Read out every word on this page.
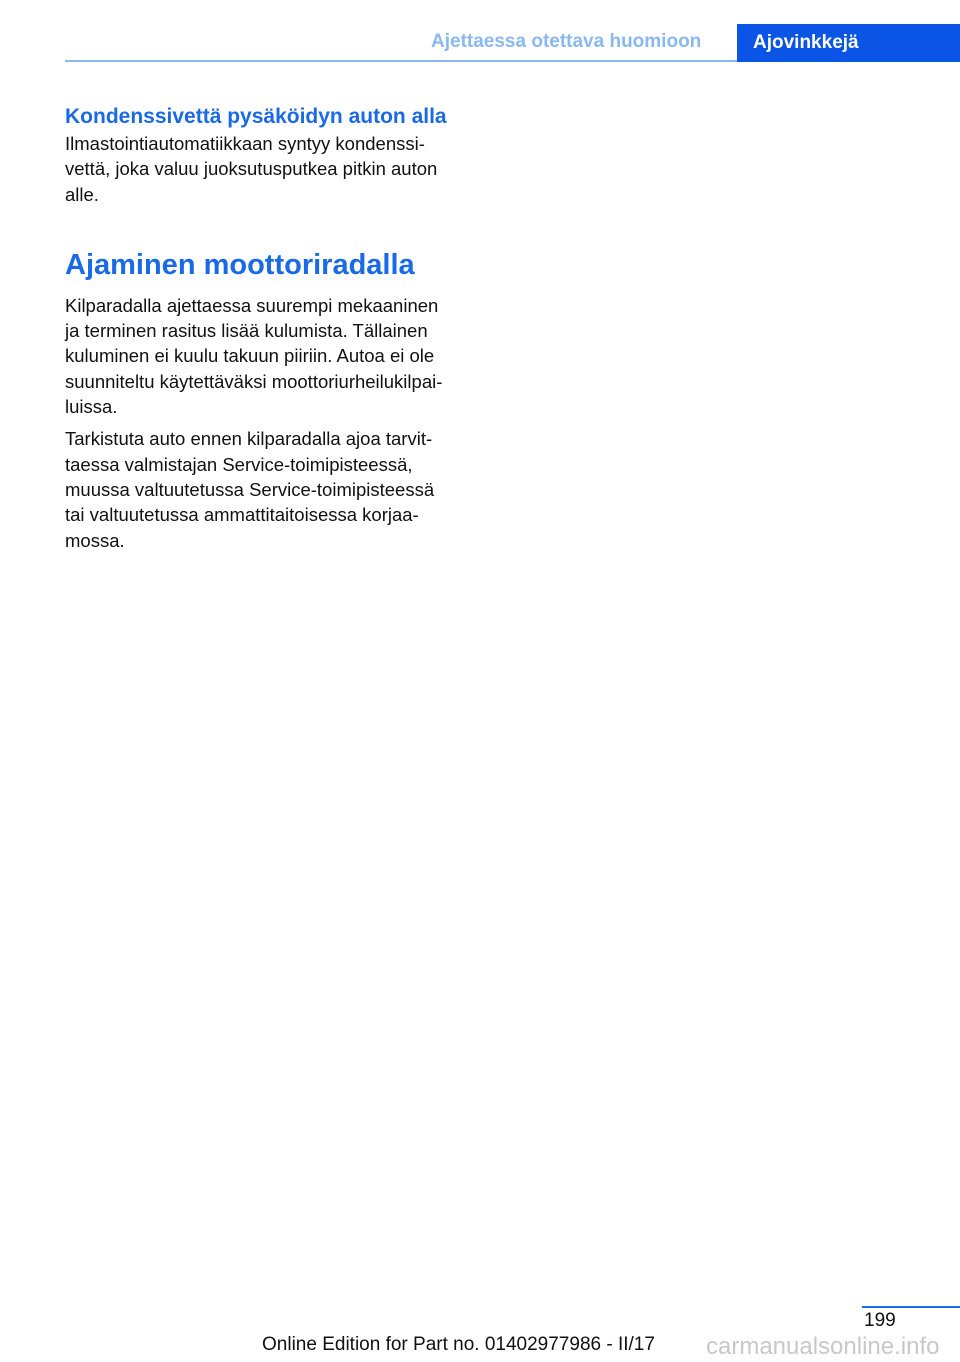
Ajettaessa otettava huomioon	Ajovinkkejä
Kondenssivettä pysäköidyn auton alla

Ilmastointiautomatiikkaan syntyy kondenssi-
vettä, joka valuu juoksutusputkea pitkin auton
alle.

Ajaminen moottoriradalla

Kilparadalla ajettaessa suurempi mekaaninen
ja terminen rasitus lisää kulumista. Tällainen
kuluminen ei kuulu takuun piiriin. Autoa ei ole
suunniteltu käytettäväksi moottoriurheilukilpai-
luissa.

Tarkistuta auto ennen kilparadalla ajoa tarvit-
taessa valmistajan Service-toimipisteessä,
muussa valtuutetussa Service-toimipisteessä
tai valtuutetussa ammattitaitoisessa korjaa-
mossa.

199
Online Edition for Part no. 01402977986 - II/17 carmanualsonline.info
